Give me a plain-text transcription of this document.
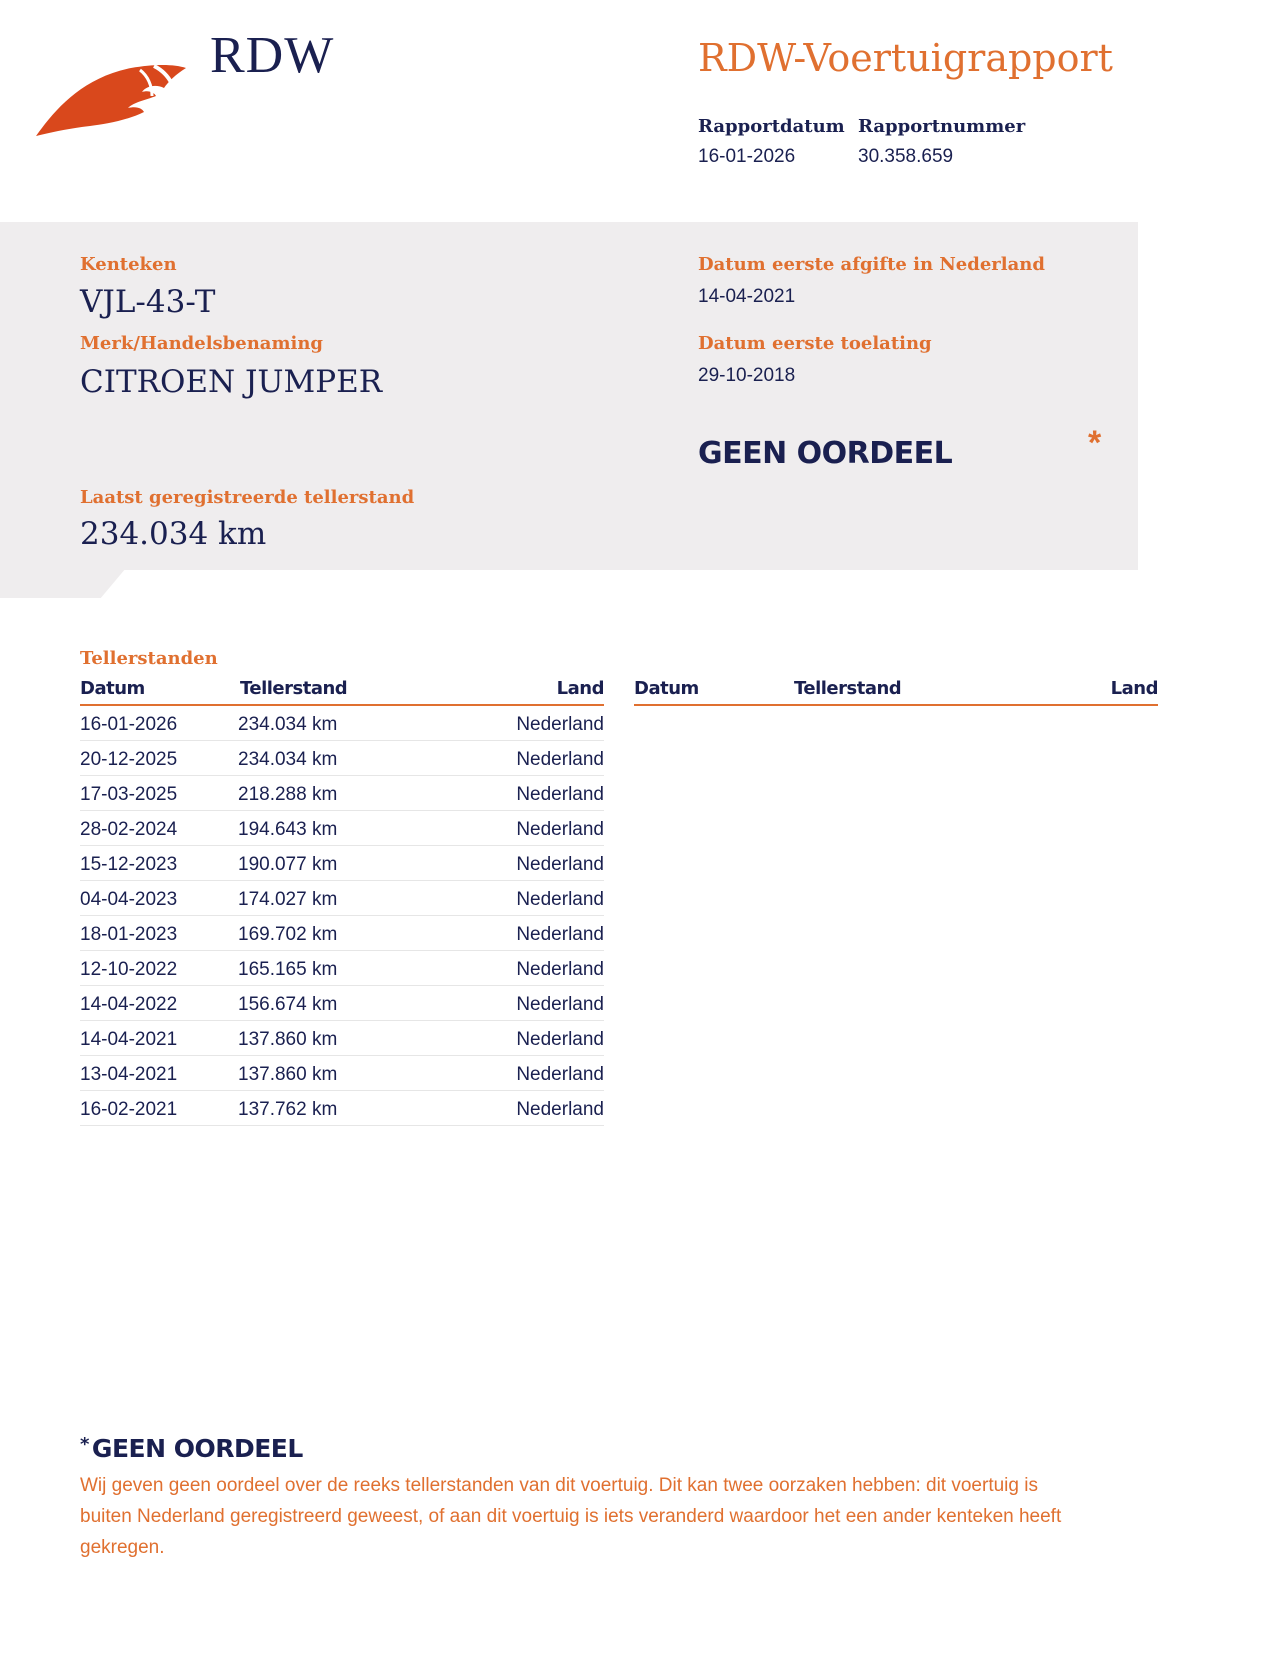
RDW	RDW-Voertuigrapport
Rapportdatum Rapportnummer
16-01-2026	30.358.659
Kenteken
VJL-43-T
Merk/Handelsbenaming
CITROEN JUMPER
Datum eerste afgifte in Nederland
14-04-2021
Datum eerste toelating
29-10-2018
GEEN OORDEEL	*
Laatst geregistreerde tellerstand
234.034 km
Tellerstanden
Datum	Tellerstand	Land
16-01-2026	234.034 km	Nederland
20-12-2025	234.034 km	Nederland
17-03-2025	218.288 km	Nederland
28-02-2024	194.643 km	Nederland
15-12-2023	190.077 km	Nederland
04-04-2023	174.027 km	Nederland
18-01-2023	169.702 km	Nederland
12-10-2022	165.165 km	Nederland
14-04-2022	156.674 km	Nederland
14-04-2021	137.860 km	Nederland
13-04-2021	137.860 km	Nederland
16-02-2021	137.762 km	Nederland
Datum	Tellerstand	Land
* GEEN OORDEEL
Wij geven geen oordeel over de reeks tellerstanden van dit voertuig. Dit kan twee oorzaken hebben: dit voertuig is buiten Nederland geregistreerd geweest, of aan dit voertuig is iets veranderd waardoor het een ander kenteken heeft gekregen.
